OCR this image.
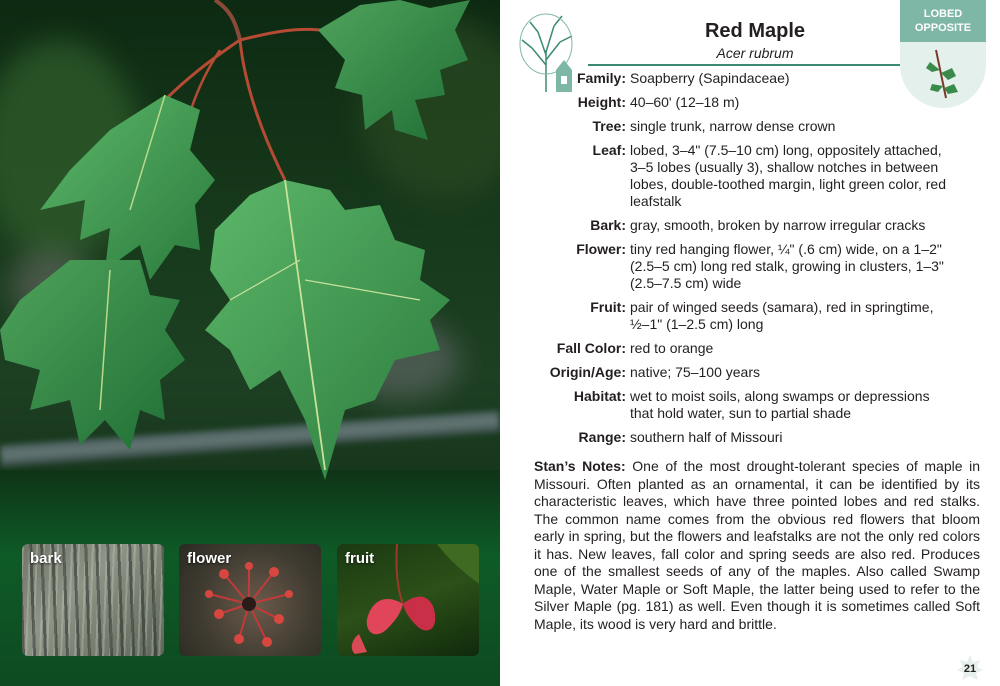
bark	flower	fruit
Red Maple
Acer rubrum
LOBED
OPPOSITE
Family: Soapberry (Sapindaceae)
Height: 40–60' (12–18 m)
Tree: single trunk, narrow dense crown
Leaf: lobed, 3–4" (7.5–10 cm) long, oppositely attached, 3–5 lobes (usually 3), shallow notches in between lobes, double-toothed margin, light green color, red leafstalk
Bark: gray, smooth, broken by narrow irregular cracks
Flower: tiny red hanging flower, ¼" (.6 cm) wide, on a 1–2" (2.5–5 cm) long red stalk, growing in clusters, 1–3" (2.5–7.5 cm) wide
Fruit: pair of winged seeds (samara), red in springtime, ½–1" (1–2.5 cm) long
Fall Color: red to orange
Origin/Age: native; 75–100 years
Habitat: wet to moist soils, along swamps or depressions that hold water, sun to partial shade
Range: southern half of Missouri

Stan’s Notes: One of the most drought-tolerant species of maple in Missouri. Often planted as an ornamental, it can be identified by its characteristic leaves, which have three pointed lobes and red stalks. The common name comes from the obvious red flowers that bloom early in spring, but the flowers and leafstalks are not the only red colors it has. New leaves, fall color and spring seeds are also red. Produces one of the smallest seeds of any of the maples. Also called Swamp Maple, Water Maple or Soft Maple, the latter being used to refer to the Silver Maple (pg. 181) as well. Even though it is sometimes called Soft Maple, its wood is very hard and brittle.

21
